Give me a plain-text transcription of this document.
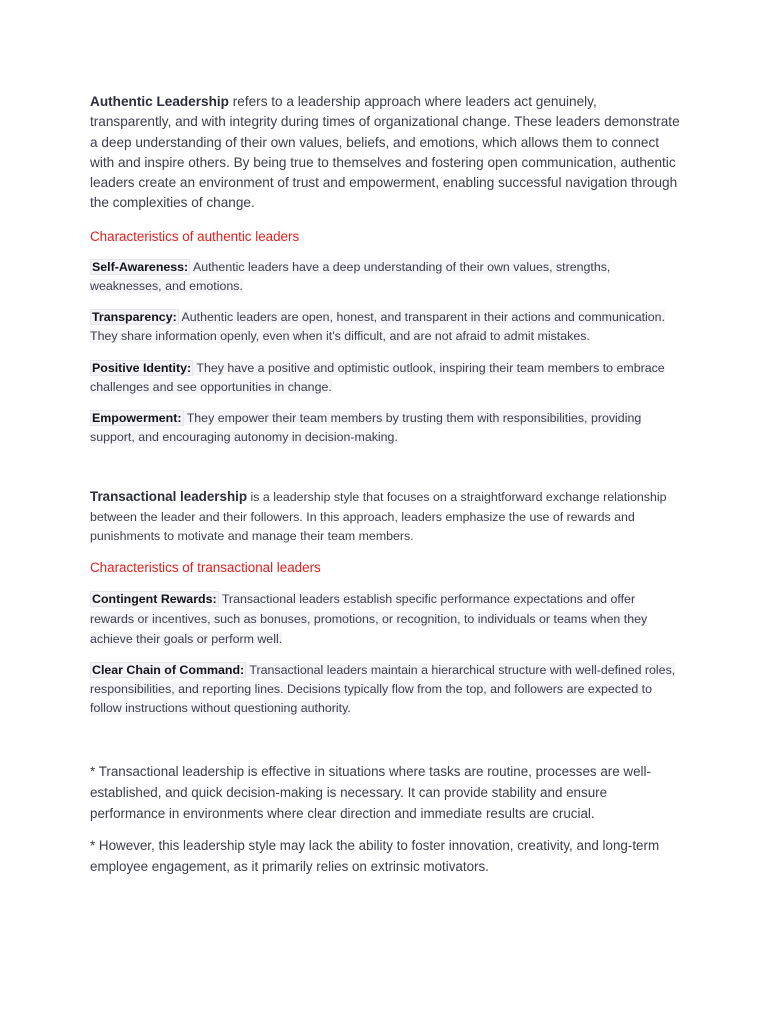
Authentic Leadership refers to a leadership approach where leaders act genuinely, transparently, and with integrity during times of organizational change. These leaders demonstrate a deep understanding of their own values, beliefs, and emotions, which allows them to connect with and inspire others. By being true to themselves and fostering open communication, authentic leaders create an environment of trust and empowerment, enabling successful navigation through the complexities of change.

Characteristics of authentic leaders

Self-Awareness: Authentic leaders have a deep understanding of their own values, strengths, weaknesses, and emotions.

Transparency: Authentic leaders are open, honest, and transparent in their actions and communication. They share information openly, even when it's difficult, and are not afraid to admit mistakes.

Positive Identity: They have a positive and optimistic outlook, inspiring their team members to embrace challenges and see opportunities in change.

Empowerment: They empower their team members by trusting them with responsibilities, providing support, and encouraging autonomy in decision-making.

Transactional leadership is a leadership style that focuses on a straightforward exchange relationship between the leader and their followers. In this approach, leaders emphasize the use of rewards and punishments to motivate and manage their team members.

Characteristics of transactional leaders

Contingent Rewards: Transactional leaders establish specific performance expectations and offer rewards or incentives, such as bonuses, promotions, or recognition, to individuals or teams when they achieve their goals or perform well.

Clear Chain of Command: Transactional leaders maintain a hierarchical structure with well-defined roles, responsibilities, and reporting lines. Decisions typically flow from the top, and followers are expected to follow instructions without questioning authority.

* Transactional leadership is effective in situations where tasks are routine, processes are well-established, and quick decision-making is necessary. It can provide stability and ensure performance in environments where clear direction and immediate results are crucial.

* However, this leadership style may lack the ability to foster innovation, creativity, and long-term employee engagement, as it primarily relies on extrinsic motivators.
